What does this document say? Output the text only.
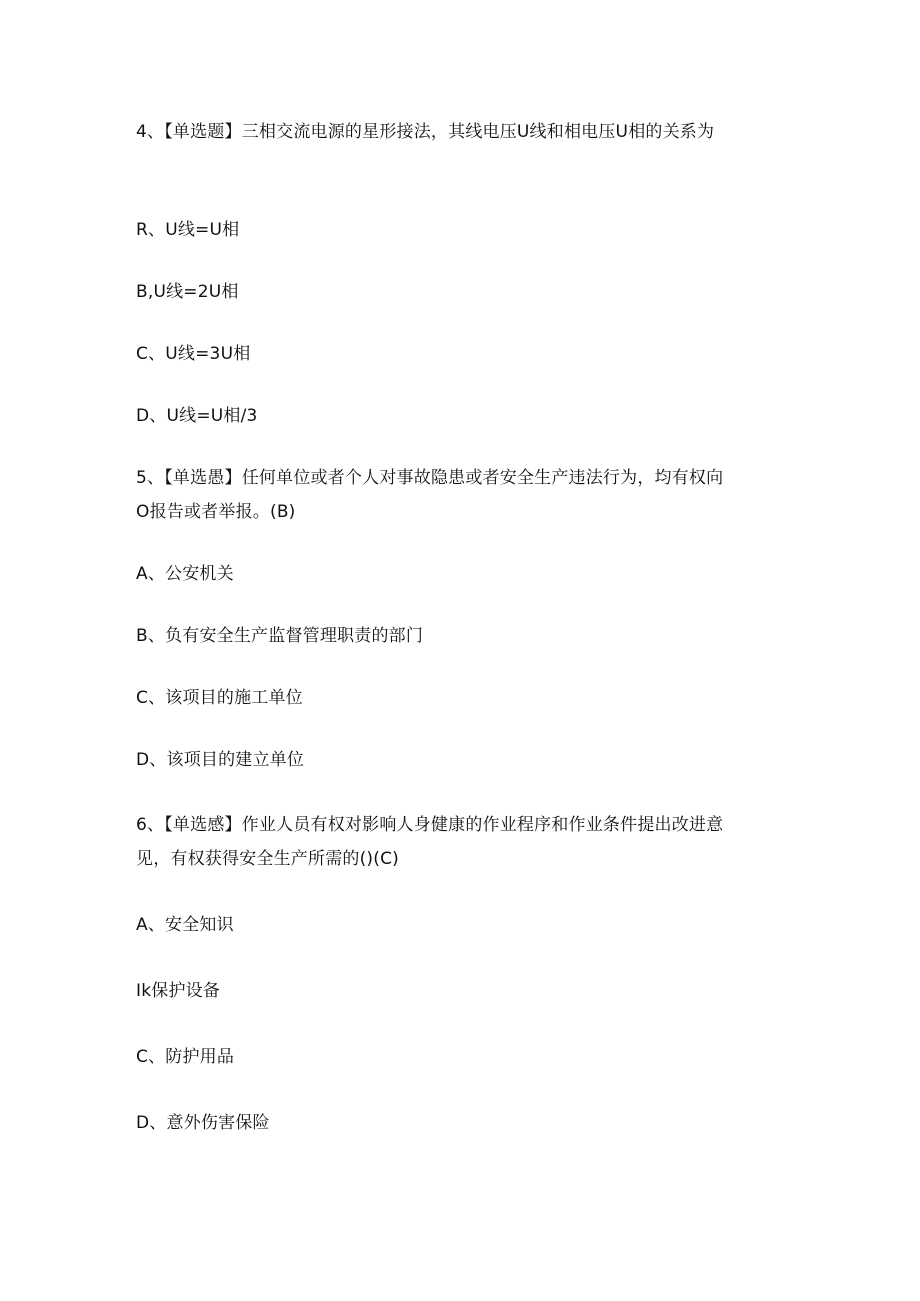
4、【单选题】三相交流电源的星形接法，其线电压U线和相电压U相的关系为
R、U线=U相
B,U线=2U相
C、U线=3U相
D、U线=U相/3
5、【单选愚】任何单位或者个人对事故隐患或者安全生产违法行为，均有权向
O报告或者举报。(B)
A、公安机关
B、负有安全生产监督管理职责的部门
C、该项目的施工单位
D、该项目的建立单位
6、【单选感】作业人员有权对影响人身健康的作业程序和作业条件提出改进意
见，有权获得安全生产所需的()(C)
A、安全知识
Ik保护设备
C、防护用品
D、意外伤害保险
